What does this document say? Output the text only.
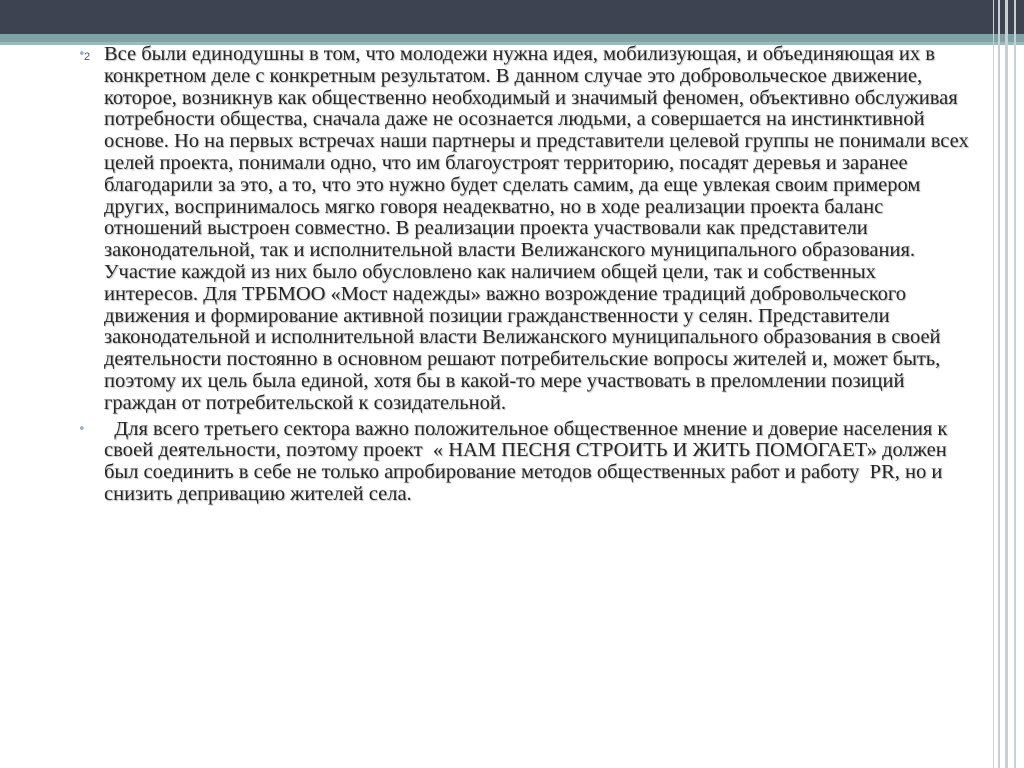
•
2 Все были единодушны в том, что молодежи нужна идея, мобилизующая, и объединяющая их в конкретном деле с конкретным результатом. В данном случае это добровольческое движение, которое, возникнув как общественно необходимый и значимый феномен, объективно обслуживая потребности общества, сначала даже не осознается людьми, а совершается на инстинктивной основе. Но на первых встречах наши партнеры и представители целевой группы не понимали всех целей проекта, понимали одно, что им благоустроят территорию, посадят деревья и заранее благодарили за это, а то, что это нужно будет сделать самим, да еще увлекая своим примером других, воспринималось мягко говоря неадекватно, но в ходе реализации проекта баланс отношений выстроен совместно. В реализации проекта участвовали как представители законодательной, так и исполнительной власти Велижанского муниципального образования. Участие каждой из них было обусловлено как наличием общей цели, так и собственных интересов. Для ТРБМОО «Мост надежды» важно возрождение традиций добровольческого движения и формирование активной позиции гражданственности у селян. Представители законодательной и исполнительной власти Велижанского муниципального образования в своей деятельности постоянно в основном решают потребительские вопросы жителей и, может быть, поэтому их цель была единой, хотя бы в какой-то мере участвовать в преломлении позиций граждан от потребительской к созидательной.

• Для всего третьего сектора важно положительное общественное мнение и доверие населения к своей деятельности, поэтому проект  « НАМ ПЕСНЯ СТРОИТЬ И ЖИТЬ ПОМОГАЕТ» должен был соединить в себе не только апробирование методов общественных работ и работу  PR, но и снизить депривацию жителей села.
